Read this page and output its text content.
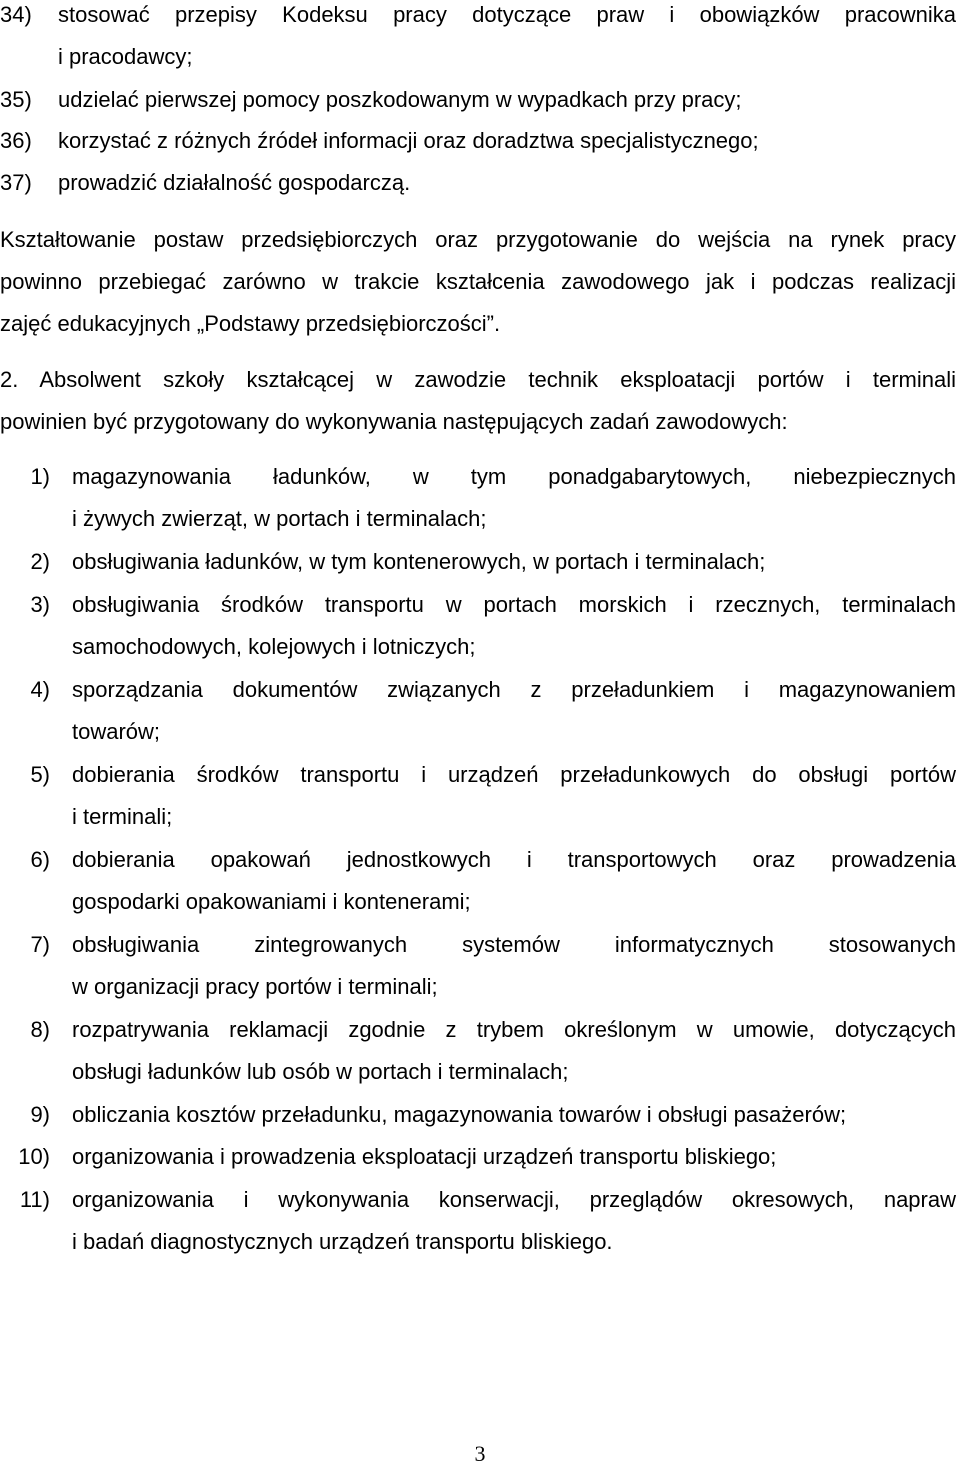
34) stosować przepisy Kodeksu pracy dotyczące praw i obowiązków pracownika
i pracodawcy;
35) udzielać pierwszej pomocy poszkodowanym w wypadkach przy pracy;
36) korzystać z różnych źródeł informacji oraz doradztwa specjalistycznego;
37) prowadzić działalność gospodarczą.
Kształtowanie postaw przedsiębiorczych oraz przygotowanie do wejścia na rynek pracy
powinno przebiegać zarówno w trakcie kształcenia zawodowego jak i podczas realizacji
zajęć edukacyjnych „Podstawy przedsiębiorczości”.
2. Absolwent szkoły kształcącej w zawodzie technik eksploatacji portów i terminali
powinien być przygotowany do wykonywania następujących zadań zawodowych:
1) magazynowania ładunków, w tym ponadgabarytowych, niebezpiecznych
i żywych zwierząt, w portach i terminalach;
2) obsługiwania ładunków, w tym kontenerowych, w portach i terminalach;
3) obsługiwania środków transportu w portach morskich i rzecznych, terminalach
samochodowych, kolejowych i lotniczych;
4) sporządzania dokumentów związanych z przeładunkiem i magazynowaniem
towarów;
5) dobierania środków transportu i urządzeń przeładunkowych do obsługi portów
i terminali;
6) dobierania opakowań jednostkowych i transportowych oraz prowadzenia
gospodarki opakowaniami i kontenerami;
7) obsługiwania zintegrowanych systemów informatycznych stosowanych
w organizacji pracy portów i terminali;
8) rozpatrywania reklamacji zgodnie z trybem określonym w umowie, dotyczących
obsługi ładunków lub osób w portach i terminalach;
9) obliczania kosztów przeładunku, magazynowania towarów i obsługi pasażerów;
10) organizowania i prowadzenia eksploatacji urządzeń transportu bliskiego;
11) organizowania i wykonywania konserwacji, przeglądów okresowych, napraw
i badań diagnostycznych urządzeń transportu bliskiego.
3
